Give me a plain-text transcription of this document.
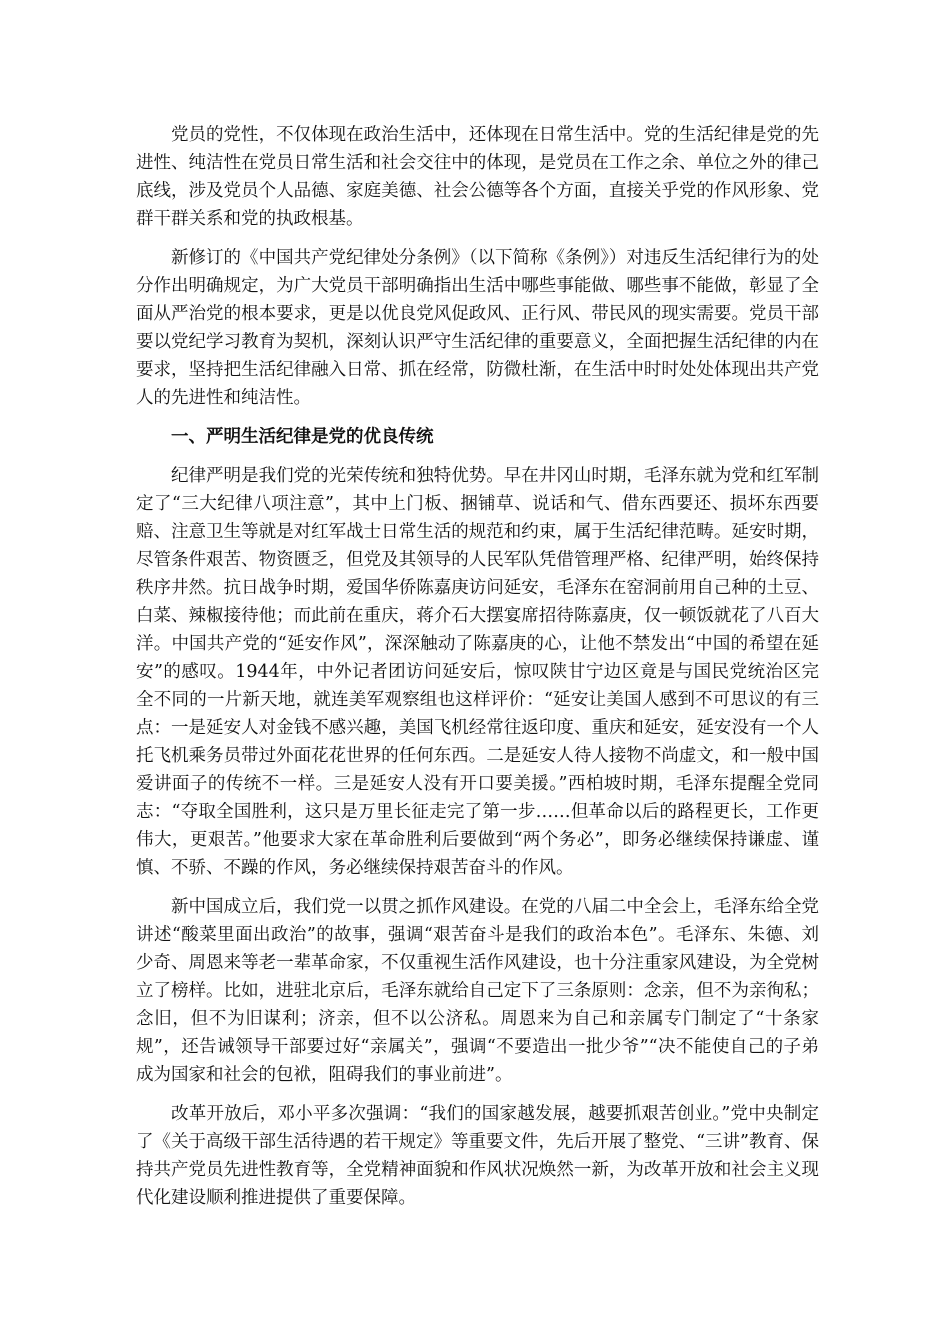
党员的党性，不仅体现在政治生活中，还体现在日常生活中。党的生活纪律是党的先进性、纯洁性在党员日常生活和社会交往中的体现，是党员在工作之余、单位之外的律己底线，涉及党员个人品德、家庭美德、社会公德等各个方面，直接关乎党的作风形象、党群干群关系和党的执政根基。

新修订的《中国共产党纪律处分条例》（以下简称《条例》）对违反生活纪律行为的处分作出明确规定，为广大党员干部明确指出生活中哪些事能做、哪些事不能做，彰显了全面从严治党的根本要求，更是以优良党风促政风、正行风、带民风的现实需要。党员干部要以党纪学习教育为契机，深刻认识严守生活纪律的重要意义，全面把握生活纪律的内在要求，坚持把生活纪律融入日常、抓在经常，防微杜渐，在生活中时时处处体现出共产党人的先进性和纯洁性。

一、严明生活纪律是党的优良传统

纪律严明是我们党的光荣传统和独特优势。早在井冈山时期，毛泽东就为党和红军制定了“三大纪律八项注意”，其中上门板、捆铺草、说话和气、借东西要还、损坏东西要赔、注意卫生等就是对红军战士日常生活的规范和约束，属于生活纪律范畴。延安时期，尽管条件艰苦、物资匮乏，但党及其领导的人民军队凭借管理严格、纪律严明，始终保持秩序井然。抗日战争时期，爱国华侨陈嘉庚访问延安，毛泽东在窑洞前用自己种的土豆、白菜、辣椒接待他；而此前在重庆，蒋介石大摆宴席招待陈嘉庚，仅一顿饭就花了八百大洋。中国共产党的“延安作风”，深深触动了陈嘉庚的心，让他不禁发出“中国的希望在延安”的感叹。1944年，中外记者团访问延安后，惊叹陕甘宁边区竟是与国民党统治区完全不同的一片新天地，就连美军观察组也这样评价：“延安让美国人感到不可思议的有三点：一是延安人对金钱不感兴趣，美国飞机经常往返印度、重庆和延安，延安没有一个人托飞机乘务员带过外面花花世界的任何东西。二是延安人待人接物不尚虚文，和一般中国爱讲面子的传统不一样。三是延安人没有开口要美援。”西柏坡时期，毛泽东提醒全党同志：“夺取全国胜利，这只是万里长征走完了第一步……但革命以后的路程更长，工作更伟大，更艰苦。”他要求大家在革命胜利后要做到“两个务必”，即务必继续保持谦虚、谨慎、不骄、不躁的作风，务必继续保持艰苦奋斗的作风。

新中国成立后，我们党一以贯之抓作风建设。在党的八届二中全会上，毛泽东给全党讲述“酸菜里面出政治”的故事，强调“艰苦奋斗是我们的政治本色”。毛泽东、朱德、刘少奇、周恩来等老一辈革命家，不仅重视生活作风建设，也十分注重家风建设，为全党树立了榜样。比如，进驻北京后，毛泽东就给自己定下了三条原则：念亲，但不为亲徇私；念旧，但不为旧谋利；济亲，但不以公济私。周恩来为自己和亲属专门制定了“十条家规”，还告诫领导干部要过好“亲属关”，强调“不要造出一批少爷”“决不能使自己的子弟成为国家和社会的包袱，阻碍我们的事业前进”。

改革开放后，邓小平多次强调：“我们的国家越发展，越要抓艰苦创业。”党中央制定了《关于高级干部生活待遇的若干规定》等重要文件，先后开展了整党、“三讲”教育、保持共产党员先进性教育等，全党精神面貌和作风状况焕然一新，为改革开放和社会主义现代化建设顺利推进提供了重要保障。
